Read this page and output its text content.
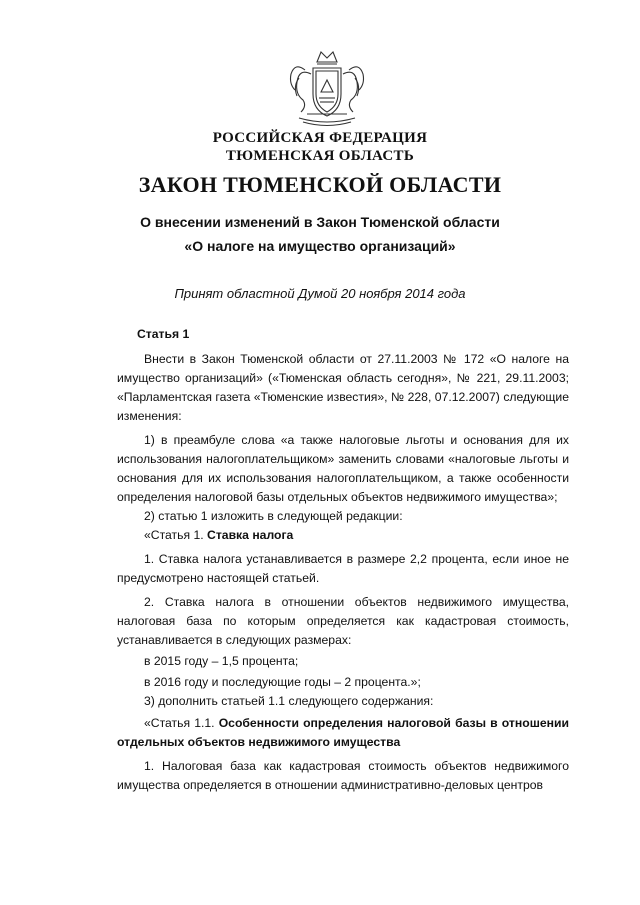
РОССИЙСКАЯ ФЕДЕРАЦИЯ
ТЮМЕНСКАЯ ОБЛАСТЬ
ЗАКОН ТЮМЕНСКОЙ ОБЛАСТИ
О внесении изменений в Закон Тюменской области
«О налоге на имущество организаций»
Принят областной Думой 20 ноября 2014 года

Статья 1

Внести в Закон Тюменской области от 27.11.2003 № 172 «О налоге на имущество организаций» («Тюменская область сегодня», № 221, 29.11.2003; «Парламентская газета «Тюменские известия», № 228, 07.12.2007) следующие изменения:

1) в преамбуле слова «а также налоговые льготы и основания для их использования налогоплательщиком» заменить словами «налоговые льготы и основания для их использования налогоплательщиком, а также особенности определения налоговой базы отдельных объектов недвижимого имущества»;

2) статью 1 изложить в следующей редакции:

«Статья 1. Ставка налога

1. Ставка налога устанавливается в размере 2,2 процента, если иное не предусмотрено настоящей статьей.

2. Ставка налога в отношении объектов недвижимого имущества, налоговая база по которым определяется как кадастровая стоимость, устанавливается в следующих размерах:

в 2015 году – 1,5 процента;

в 2016 году и последующие годы – 2 процента.»;

3) дополнить статьей 1.1 следующего содержания:

«Статья 1.1. Особенности определения налоговой базы в отношении отдельных объектов недвижимого имущества

1. Налоговая база как кадастровая стоимость объектов недвижимого имущества определяется в отношении административно-деловых центров
